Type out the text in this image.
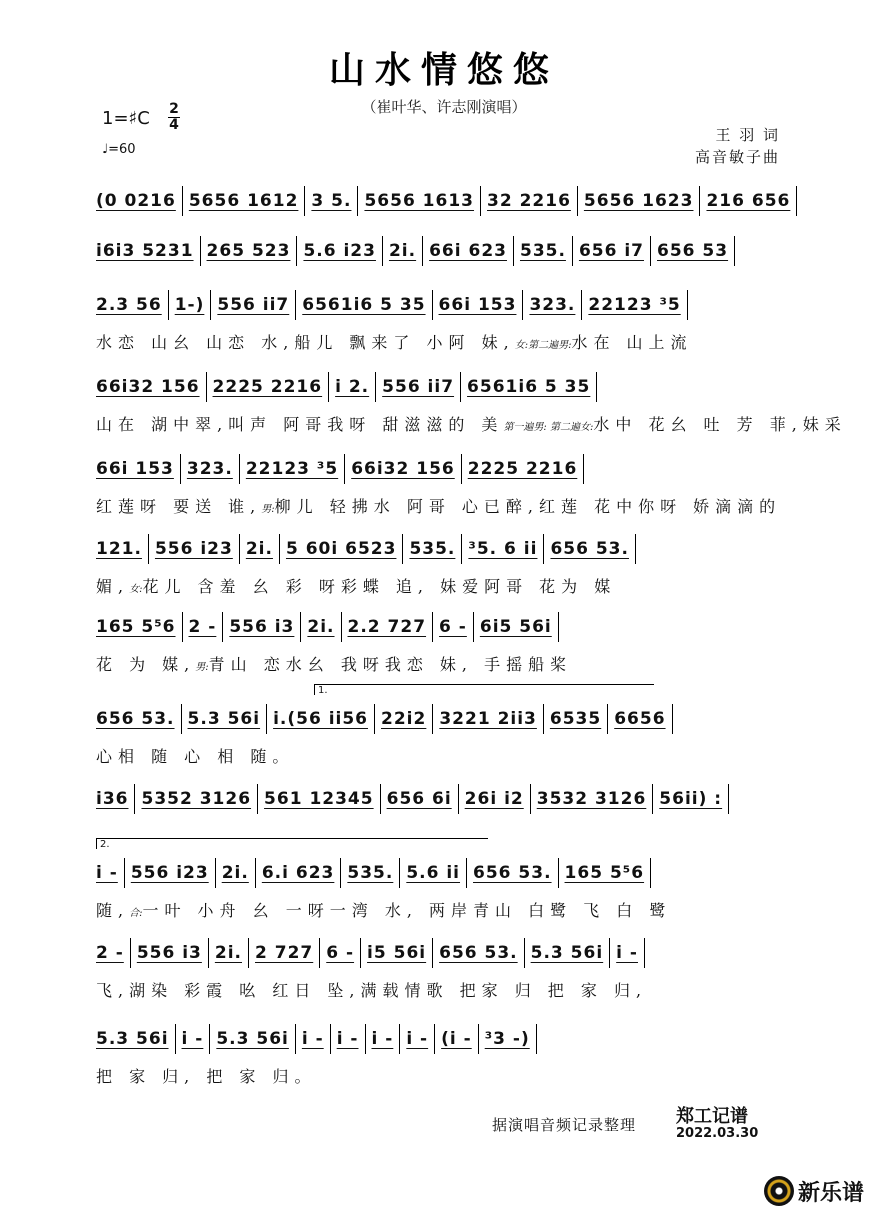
山水情悠悠
（崔叶华、许志刚演唱）
1=♯C 2
4
♩=60
王 羽 词
高音敏子曲
(0 0216 5656 1612 3 5. 5656 1613 32 2216 5656 1623 216 656
i6i3 5231 265 523 5.6 i23 2i. 66i 623 535. 656 i7 656 53
2.3 56 1-) 556 ii7 6561i6 5 35 66i 153 323. 22123 ³5
水恋 山幺 山恋 水,船儿 飘来了 小阿 妹,女:第二遍男:水在 山上流
66i32 156 2225 2216 i 2. 556 ii7 6561i6 5 35
山在 湖中翠,叫声 阿哥我呀 甜滋滋的 美第一遍男: 第二遍女:水中 花幺 吐 芳 菲,妹采
66i 153 323. 22123 ³5 66i32 156 2225 2216
红莲呀 要送 谁,男:柳儿 轻拂水 阿哥 心已醉,红莲 花中你呀 娇滴滴的
121. 556 i23 2i. 5 60i 6523 535. ³5. 6 ii 656 53.
媚,女:花儿 含羞 幺 彩 呀彩蝶 追, 妹爱阿哥 花为 媒
165 5⁵6 2 - 556 i3 2i. 2.2 727 6 - 6i5 56i
花 为 媒,男:青山 恋水幺 我呀我恋 妹, 手摇船桨
1.
656 53. 5.3 56i i.(56 ii56 22i2 3221 2ii3 6535 6656
心相 随 心 相 随。
i36 5352 3126 561 12345 656 6i 26i i2 3532 3126 56ii) :
2.
i - 556 i23 2i. 6.i 623 535. 5.6 ii 656 53. 165 5⁵6
随,合:一叶 小舟 幺 一呀一湾 水, 两岸青山 白鹭 飞 白 鹭
2 - 556 i3 2i. 2 727 6 - i5 56i 656 53. 5.3 56i i -
飞,湖染 彩霞 吆 红日 坠,满载情歌 把家 归 把 家 归,
5.3 56i i - 5.3 56i i - i - i - i - (i - ³3 -)
把 家 归, 把 家 归。
据演唱音频记录整理 郑工记谱
2022.03.30
新乐谱
